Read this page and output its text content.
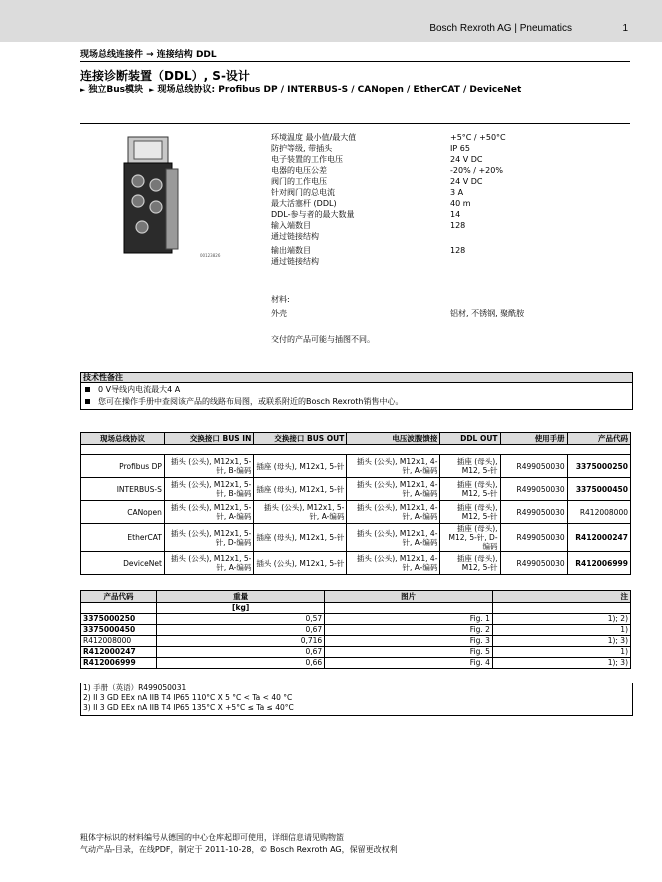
Bosch Rexroth AG | Pneumatics	1
现场总线连接件 → 连接结构 DDL
连接诊断装置（DDL）, S-设计
► 独立Bus模块 ► 现场总线协议: Profibus DP / INTERBUS-S / CANopen / EtherCAT / DeviceNet
00123826
环境温度 最小值/最大值	+5°C / +50°C
防护等级, 带插头	IP 65
电子装置的工作电压	24 V DC
电器的电压公差	-20% / +20%
阀门的工作电压	24 V DC
针对阀门的总电流	3 A
最大活塞杆 (DDL)	40 m
DDL-参与者的最大数量	14
输入端数目	128
通过链接结构
输出端数目	128
通过链接结构
材料:
外壳	铝材, 不锈钢, 聚酰胺
交付的产品可能与插图不同。
技术性备注
0 V导线内电流最大4 A
您可在操作手册中查阅该产品的线路布局图，或联系附近的Bosch Rexroth销售中心。
现场总线协议	交换接口 BUS IN	交换接口 BUS OUT	电压波腹馈接	DDL OUT	使用手册	产品代码

Profibus DP	插头 (公头), M12x1, 5-针, B-编码	插座 (母头), M12x1, 5-针	插头 (公头), M12x1, 4-针, A-编码	插座 (母头), M12, 5-针	R499050030	3375000250
INTERBUS-S	插头 (公头), M12x1, 5-针, B-编码	插座 (母头), M12x1, 5-针	插头 (公头), M12x1, 4-针, A-编码	插座 (母头), M12, 5-针	R499050030	3375000450
CANopen	插头 (公头), M12x1, 5-针, A-编码	插头 (公头), M12x1, 5-针, A-编码	插头 (公头), M12x1, 4-针, A-编码	插座 (母头), M12, 5-针	R499050030	R412008000
EtherCAT	插头 (公头), M12x1, 5-针, D-编码	插座 (母头), M12x1, 5-针	插头 (公头), M12x1, 4-针, A-编码	插座 (母头), M12, 5-针, D-编码	R499050030	R412000247
DeviceNet	插头 (公头), M12x1, 5-针, A-编码	插头 (公头), M12x1, 5-针	插头 (公头), M12x1, 4-针, A-编码	插座 (母头), M12, 5-针	R499050030	R412006999
产品代码	重量	图片	注
	[kg]		
3375000250	0,57	Fig. 1	1); 2)
3375000450	0,67	Fig. 2	1)
R412008000	0,716	Fig. 3	1); 3)
R412000247	0,67	Fig. 5	1)
R412006999	0,66	Fig. 4	1); 3)
1) 手册（英语）R499050031
2) II 3 GD EEx nA IIB T4 IP65 110°C X 5 °C < Ta < 40 °C
3) II 3 GD EEx nA IIB T4 IP65 135°C X +5°C ≤ Ta ≤ 40°C
粗体字标识的材料编号从德国的中心仓库起即可使用，详细信息请见购物篮
气动产品-目录，在线PDF，制定于 2011-10-28，© Bosch Rexroth AG，保留更改权利
